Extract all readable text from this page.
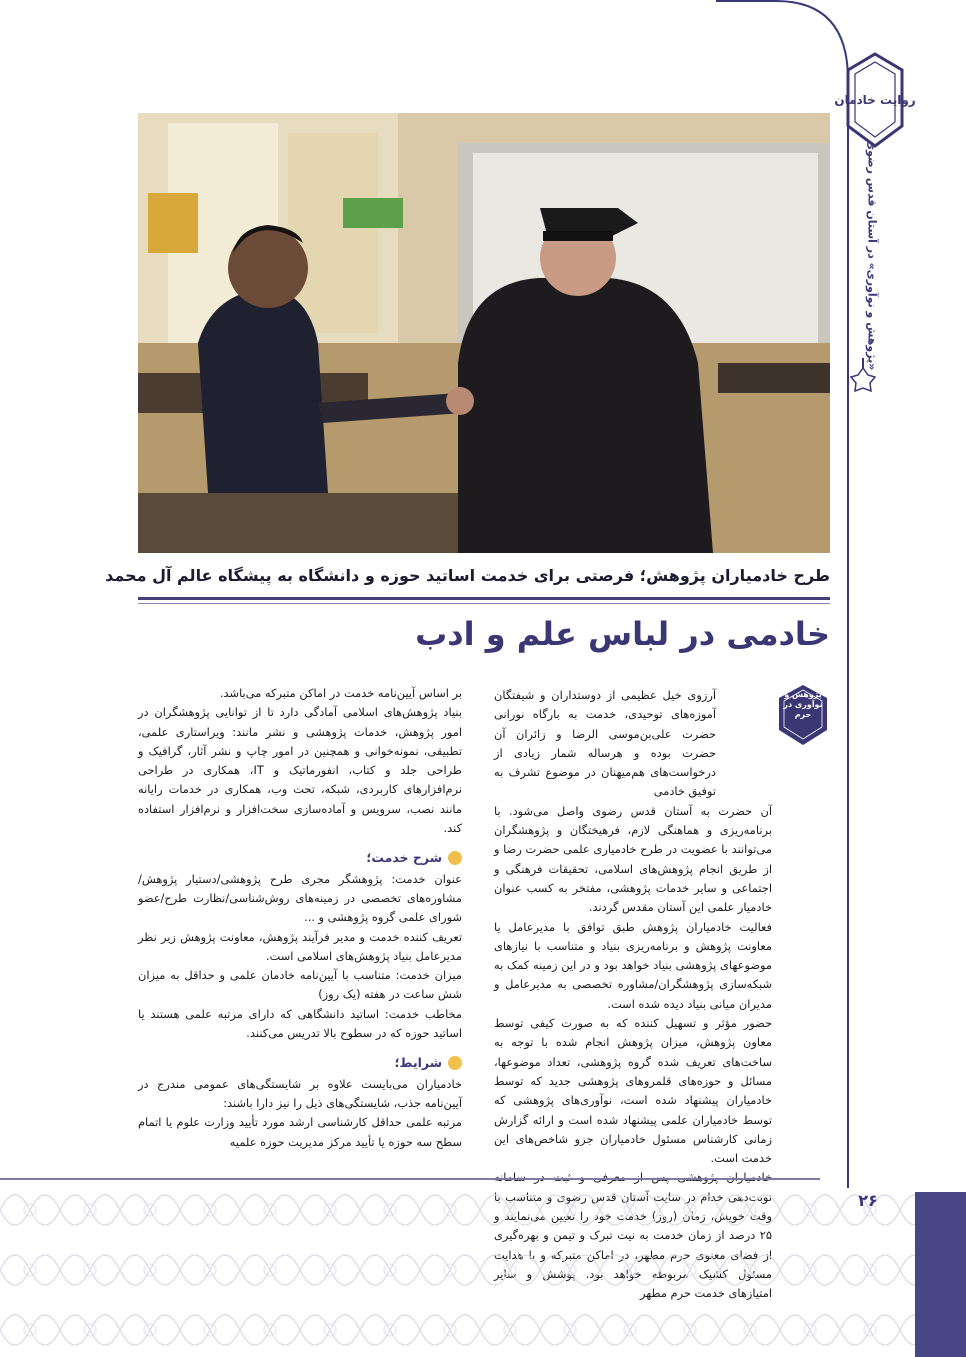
روایت خادمان
«پژوهش و نوآوری» در آستان قدس رضوی
طرح خادمیاران پژوهش؛ فرصتی برای خدمت اساتید حوزه و دانشگاه به پیشگاه عالم آل محمد
خادمی در لباس علم و ادب
پژوهش و نوآوری در حرم

آرزوی خیل عظیمی از دوستداران و شیفتگان آموزه‌های توحیدی، خدمت به بارگاه نورانی حضرت علی‌بن‌موسی الرضا و زائران آن حضرت بوده و هرساله شمار زیادی از درخواست‌های هم‌میهنان در موضوع تشرف به توفیق خادمی

آن حضرت به آستان قدس رضوی واصل می‌شود. با برنامه‌ریزی و هماهنگی لازم، فرهیختگان و پژوهشگران می‌توانند با عضویت در طرح خادمیاری علمی حضرت رضا و از طریق انجام پژوهش‌های اسلامی، تحقیقات فرهنگی و اجتماعی و سایر خدمات پژوهشی، مفتخر به کسب عنوان خادمیار علمی این آستان مقدس گردند.

فعالیت خادمیاران پژوهش طبق توافق با مدیرعامل یا معاونت پژوهش و برنامه‌ریزی بنیاد و متناسب با نیازهای موضوعهای پژوهشی بنیاد خواهد بود و در این زمینه کمک به شبکه‌سازی پژوهشگران/مشاوره تخصصی به مدیرعامل و مدیران میانی بنیاد دیده شده است.

حضور مؤثر و تسهیل کننده که به صورت کیفی توسط معاون پژوهش، میزان پژوهش انجام شده با توجه به ساخت‌های تعریف شده گروه پژوهشی، تعداد موضوعها، مسائل و حوزه‌های قلمروهای پژوهشی جدید که توسط خادمیاران پیشنهاد شده است، نوآوری‌های پژوهشی که توسط خادمیاران علمی پیشنهاد شده است و ارائه گزارش زمانی کارشناس مسئول خادمیاران جزو شاخص‌های این خدمت است.

بر اساس آیین‌نامه خدمت در اماکن متبرکه می‌باشد.

بنیاد پژوهش‌های اسلامی آمادگی دارد تا از توانایی پژوهشگران در امور پژوهش، خدمات پژوهشی و نشر مانند: ویراستاری علمی، تطبیقی، نمونه‌خوانی و همچنین در امور چاپ و نشر آثار، گرافیک و طراحی جلد و کتاب، انفورماتیک و IT، همکاری در طراحی نرم‌افزارهای کاربردی، شبکه، تحت وب، همکاری در خدمات رایانه مانند نصب، سرویس و آماده‌سازی سخت‌افزار و نرم‌افزار استفاده کند.

شرح خدمت؛

عنوان خدمت: پژوهشگر مجری طرح پژوهشی/دستیار پژوهش/مشاوره‌های تخصصی در زمینه‌های روش‌شناسی/نظارت طرح/عضو شورای علمی گروه پژوهشی و ...

تعریف کننده خدمت و مدیر فرآیند پژوهش، معاونت پژوهش زیر نظر مدیرعامل بنیاد پژوهش‌های اسلامی است.

میزان خدمت: متناسب با آیین‌نامه خادمان علمی و حداقل به میزان شش ساعت در هفته (یک روز)

مخاطب خدمت: اساتید دانشگاهی که دارای مرتبه علمی هستند یا اساتید حوزه که در سطوح بالا تدریس می‌کنند.

شرایط؛

خادمیاران می‌بایست علاوه بر شایستگی‌های عمومی مندرج در آیین‌نامه جذب، شایستگی‌های ذیل را نیز دارا باشند:

مرتبه علمی حداقل کارشناسی ارشد مورد تأیید وزارت علوم یا اتمام سطح سه حوزه یا تأیید مرکز مدیریت حوزه علمیه

۲۶
